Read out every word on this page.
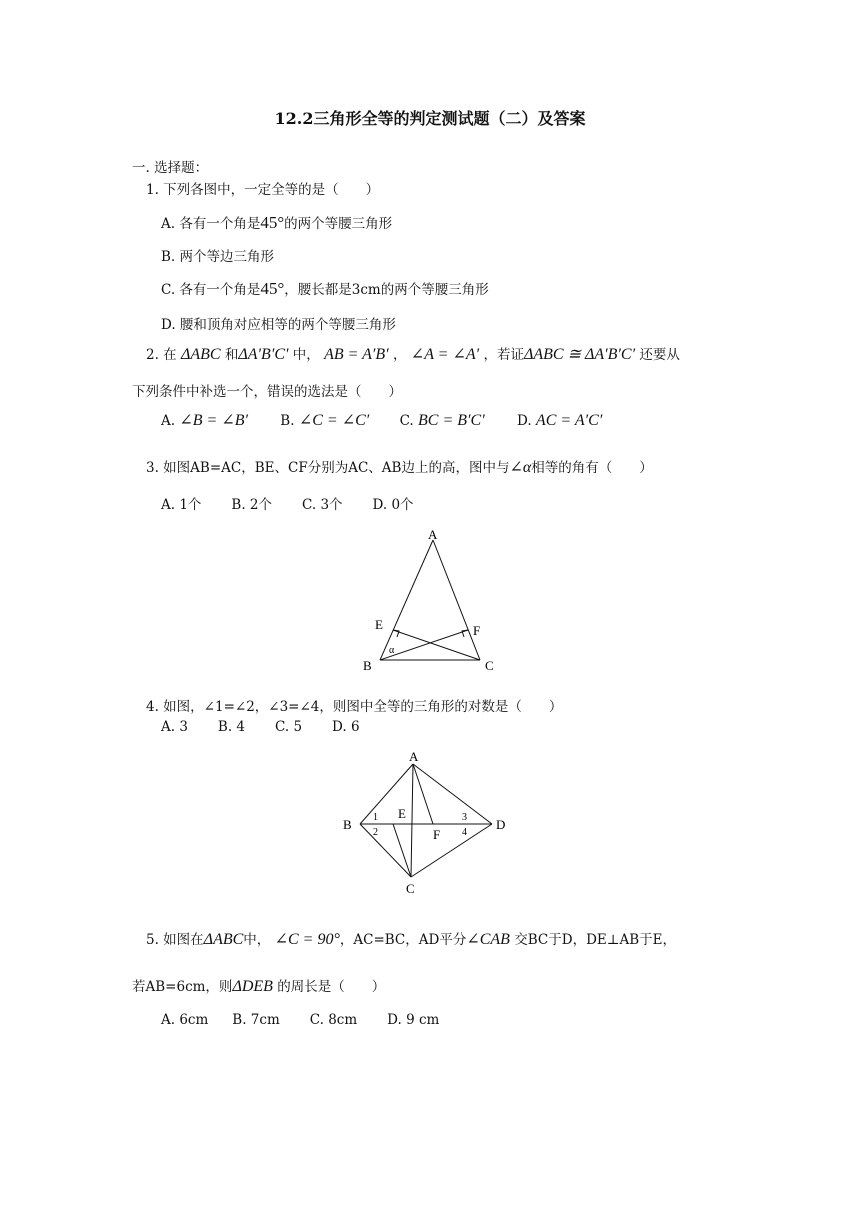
12.2三角形全等的判定测试题（二）及答案
一. 选择题：
1. 下列各图中，一定全等的是（　　）
A. 各有一个角是45°的两个等腰三角形
B. 两个等边三角形
C. 各有一个角是45°，腰长都是3cm的两个等腰三角形
D. 腰和顶角对应相等的两个等腰三角形
2. 在 ΔABC 和ΔA′B′C′ 中， AB = A′B′ ， ∠A = ∠A′ ，若证ΔABC ≅ ΔA′B′C′ 还要从
下列条件中补选一个，错误的选法是（　　）
A. ∠B = ∠B′ B. ∠C = ∠C′ C. BC = B′C′ D. AC = A′C′
3. 如图AB=AC，BE、CF分别为AC、AB边上的高，图中与∠α相等的角有（　　）
A. 1个 B. 2个 C. 3个 D. 0个
A
E	F
B	C
α
4. 如图，∠1=∠2，∠3=∠4，则图中全等的三角形的对数是（　　）
A. 3 B. 4 C. 5 D. 6
A
B
C
D
E
F
1
2
3
4
5. 如图在ΔABC中， ∠C = 90°，AC=BC，AD平分∠CAB 交BC于D，DE⊥AB于E，
若AB=6cm，则ΔDEB 的周长是（　　）
A. 6cm B. 7cm C. 8cm D. 9 cm
